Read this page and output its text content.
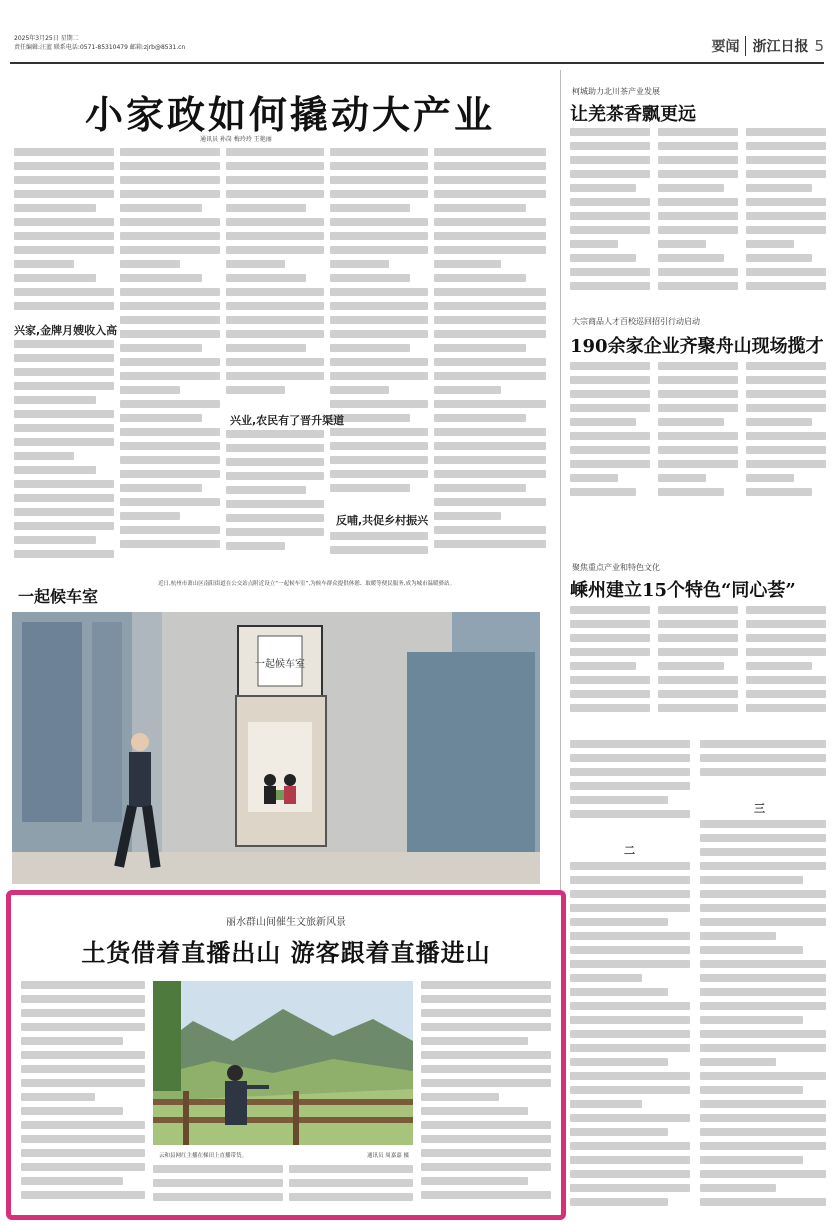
2025年3月25日 星期二
责任编辑:汪蓝 联系电话:0571-85310479 邮箱:zjrb@8531.cn	要闻 浙江日报 5
小家政如何撬动大产业
通讯员 孙岗 梅玲玲 王艳丽
兴家,金牌月嫂收入高
兴业,农民有了晋升渠道
反哺,共促乡村振兴
一起候车室
近日,杭州市萧山区南阳街道在公交站点附近设立“一起候车室”,为候车群众提供休憩、取暖等便民服务,成为城市温暖驿站。
一起候车室
柯城助力北川茶产业发展
让羌茶香飘更远
大宗商品人才百校巡回招引行动启动
190余家企业齐聚舟山现场揽才
聚焦重点产业和特色文化
嵊州建立15个特色“同心荟”
三
二
丽水群山间催生文旅新风景
土货借着直播出山 游客跟着直播进山
云和县网红主播在梯田上直播带货。	通讯员 周嘉嘉 摄
